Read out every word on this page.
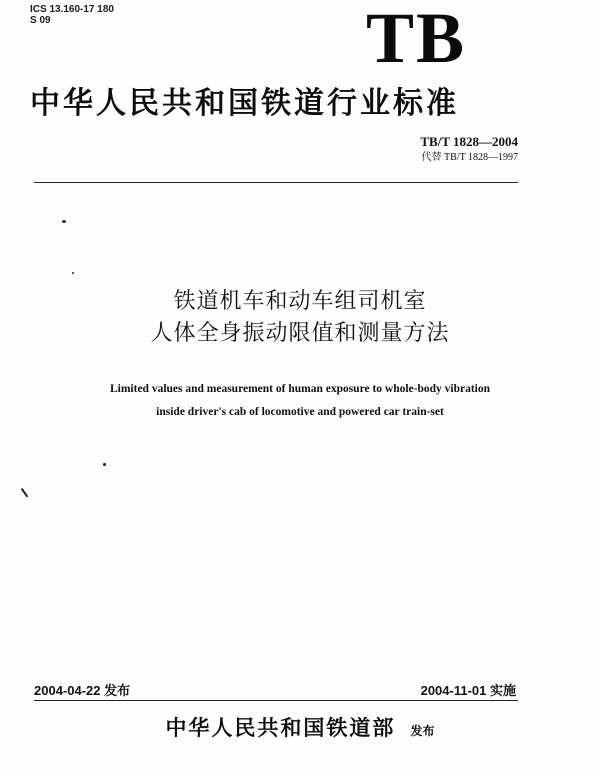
ICS 13.160-17 180
S 09	TB
中华人民共和国铁道行业标准
TB/T 1828—2004
代替 TB/T 1828—1997
铁道机车和动车组司机室
人体全身振动限值和测量方法
Limited values and measurement of human exposure to whole-body vibration
inside driver's cab of locomotive and powered car train-set
2004-04-22 发布	2004-11-01 实施
中华人民共和国铁道部 发布
